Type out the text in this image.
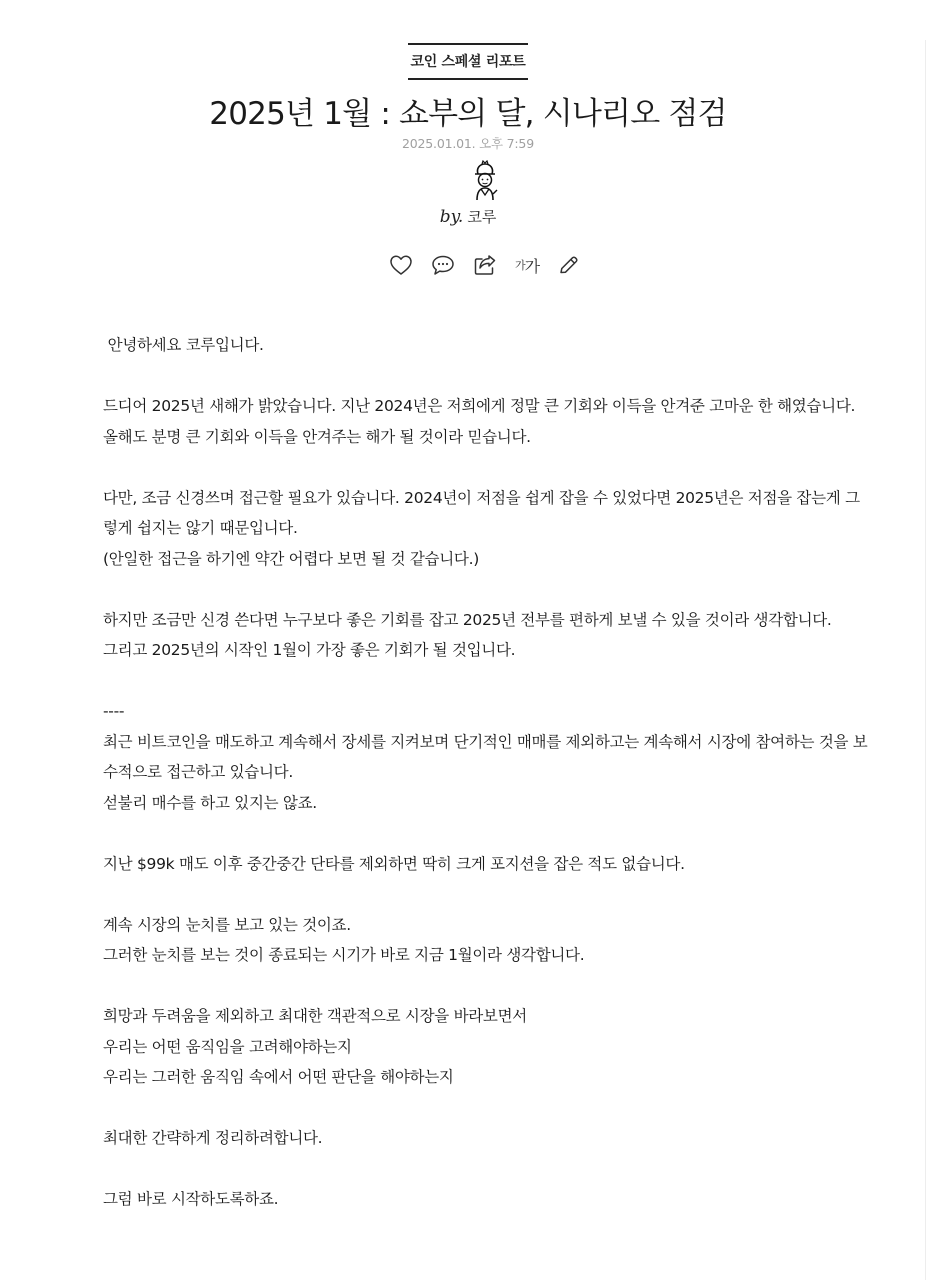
코인 스페셜 리포트
2025년 1월 : 쇼부의 달, 시나리오 점검
2025.01.01. 오후 7:59
by. 코루
가 가

안녕하세요 코루입니다.

드디어 2025년 새해가 밝았습니다. 지난 2024년은 저희에게 정말 큰 기회와 이득을 안겨준 고마운 한 해였습니다.

올해도 분명 큰 기회와 이득을 안겨주는 해가 될 것이라 믿습니다.

다만, 조금 신경쓰며 접근할 필요가 있습니다. 2024년이 저점을 쉽게 잡을 수 있었다면 2025년은 저점을 잡는게 그렇게 쉽지는 않기 때문입니다.

(안일한 접근을 하기엔 약간 어렵다 보면 될 것 같습니다.)

하지만 조금만 신경 쓴다면 누구보다 좋은 기회를 잡고 2025년 전부를 편하게 보낼 수 있을 것이라 생각합니다.

그리고 2025년의 시작인 1월이 가장 좋은 기회가 될 것입니다.

----

최근 비트코인을 매도하고 계속해서 장세를 지켜보며 단기적인 매매를 제외하고는 계속해서 시장에 참여하는 것을 보수적으로 접근하고 있습니다.

섣불리 매수를 하고 있지는 않죠.

지난 $99k 매도 이후 중간중간 단타를 제외하면 딱히 크게 포지션을 잡은 적도 없습니다.

계속 시장의 눈치를 보고 있는 것이죠.

그러한 눈치를 보는 것이 종료되는 시기가 바로 지금 1월이라 생각합니다.

희망과 두려움을 제외하고 최대한 객관적으로 시장을 바라보면서

우리는 어떤 움직임을 고려해야하는지

우리는 그러한 움직임 속에서 어떤 판단을 해야하는지

최대한 간략하게 정리하려합니다.

그럼 바로 시작하도록하죠.
